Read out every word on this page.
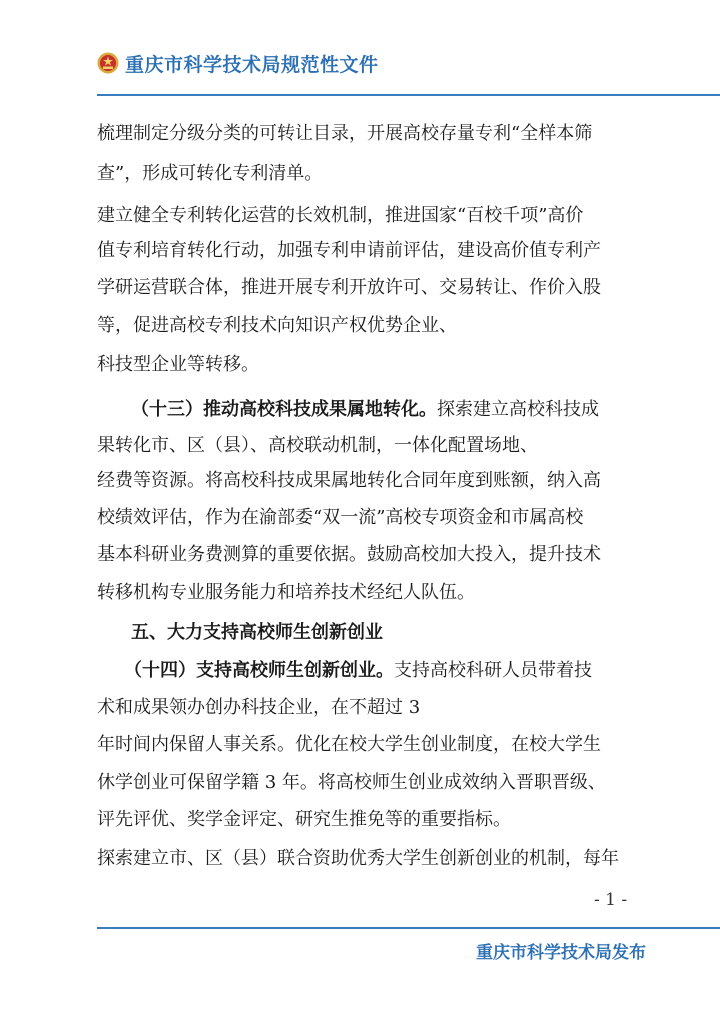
重庆市科学技术局规范性文件
梳理制定分级分类的可转让目录，开展高校存量专利“全样本筛
查”，形成可转化专利清单。
建立健全专利转化运营的长效机制，推进国家“百校千项”高价
值专利培育转化行动，加强专利申请前评估，建设高价值专利产
学研运营联合体，推进开展专利开放许可、交易转让、作价入股
等，促进高校专利技术向知识产权优势企业、
科技型企业等转移。
（十三）推动高校科技成果属地转化。探索建立高校科技成
果转化市、区（县）、高校联动机制，一体化配置场地、
经费等资源。将高校科技成果属地转化合同年度到账额，纳入高
校绩效评估，作为在渝部委“双一流”高校专项资金和市属高校
基本科研业务费测算的重要依据。鼓励高校加大投入，提升技术
转移机构专业服务能力和培养技术经纪人队伍。
五、大力支持高校师生创新创业
（十四）支持高校师生创新创业。支持高校科研人员带着技
术和成果领办创办科技企业，在不超过 3
年时间内保留人事关系。优化在校大学生创业制度，在校大学生
休学创业可保留学籍 3 年。将高校师生创业成效纳入晋职晋级、
评先评优、奖学金评定、研究生推免等的重要指标。
探索建立市、区（县）联合资助优秀大学生创新创业的机制，每年
- 1 -
重庆市科学技术局发布
